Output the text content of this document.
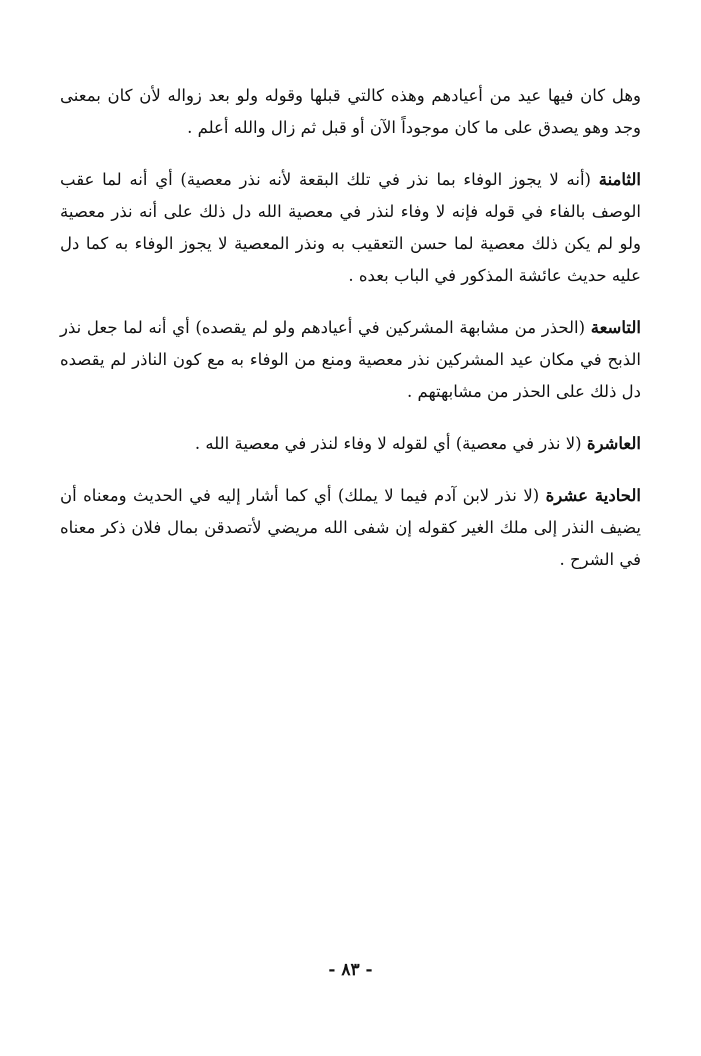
وهل كان فيها عيد من أعيادهم وهذه كالتي قبلها وقوله ولو بعد زواله لأن كان بمعنى وجد وهو يصدق على ما كان موجوداً الآن أو قبل ثم زال والله أعلم .

الثامنة (أنه لا يجوز الوفاء بما نذر في تلك البقعة لأنه نذر معصية) أي أنه لما عقب الوصف بالفاء في قوله فإنه لا وفاء لنذر في معصية الله دل ذلك على أنه نذر معصية ولو لم يكن ذلك معصية لما حسن التعقيب به ونذر المعصية لا يجوز الوفاء به كما دل عليه حديث عائشة المذكور في الباب بعده .

التاسعة (الحذر من مشابهة المشركين في أعيادهم ولو لم يقصده) أي أنه لما جعل نذر الذبح في مكان عيد المشركين نذر معصية ومنع من الوفاء به مع كون الناذر لم يقصده دل ذلك على الحذر من مشابهتهم .

العاشرة (لا نذر في معصية) أي لقوله لا وفاء لنذر في معصية الله .

الحادية عشرة (لا نذر لابن آدم فيما لا يملك) أي كما أشار إليه في الحديث ومعناه أن يضيف النذر إلى ملك الغير كقوله إن شفى الله مريضي لأتصدقن بمال فلان ذكر معناه في الشرح .

- ٨٣ -
